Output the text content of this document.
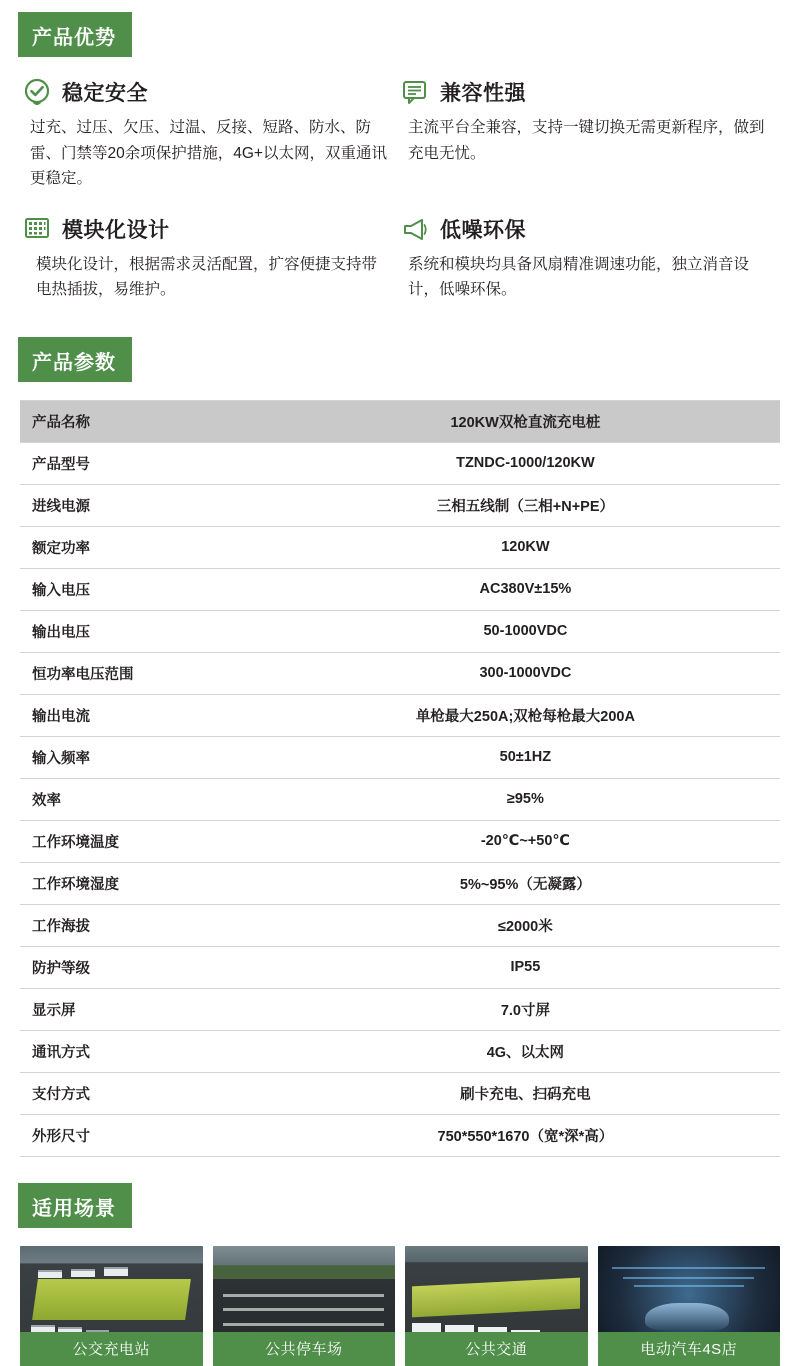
产品优势
稳定安全
过充、过压、欠压、过温、反接、短路、防水、防雷、门禁等20余项保护措施，4G+以太网，双重通讯更稳定。
兼容性强
主流平台全兼容，支持一键切换无需更新程序，做到充电无忧。
模块化设计
模块化设计，根据需求灵活配置，扩容便捷支持带电热插拔，易维护。
低噪环保
系统和模块均具备风扇精准调速功能，独立消音设计，低噪环保。
产品参数
产品名称	120KW双枪直流充电桩
产品型号	TZNDC-1000/120KW
进线电源	三相五线制（三相+N+PE）
额定功率	120KW
输入电压	AC380V±15%
输出电压	50-1000VDC
恒功率电压范围	300-1000VDC
输出电流	单枪最大250A;双枪每枪最大200A
输入频率	50±1HZ
效率	≥95%
工作环境温度	-20℃~+50℃
工作环境湿度	5%~95%（无凝露）
工作海拔	≤2000米
防护等级	IP55
显示屏	7.0寸屏
通讯方式	4G、以太网
支付方式	刷卡充电、扫码充电
外形尺寸	750*550*1670（宽*深*高）
适用场景
公交充电站	公共停车场	公共交通	电动汽车4S店
